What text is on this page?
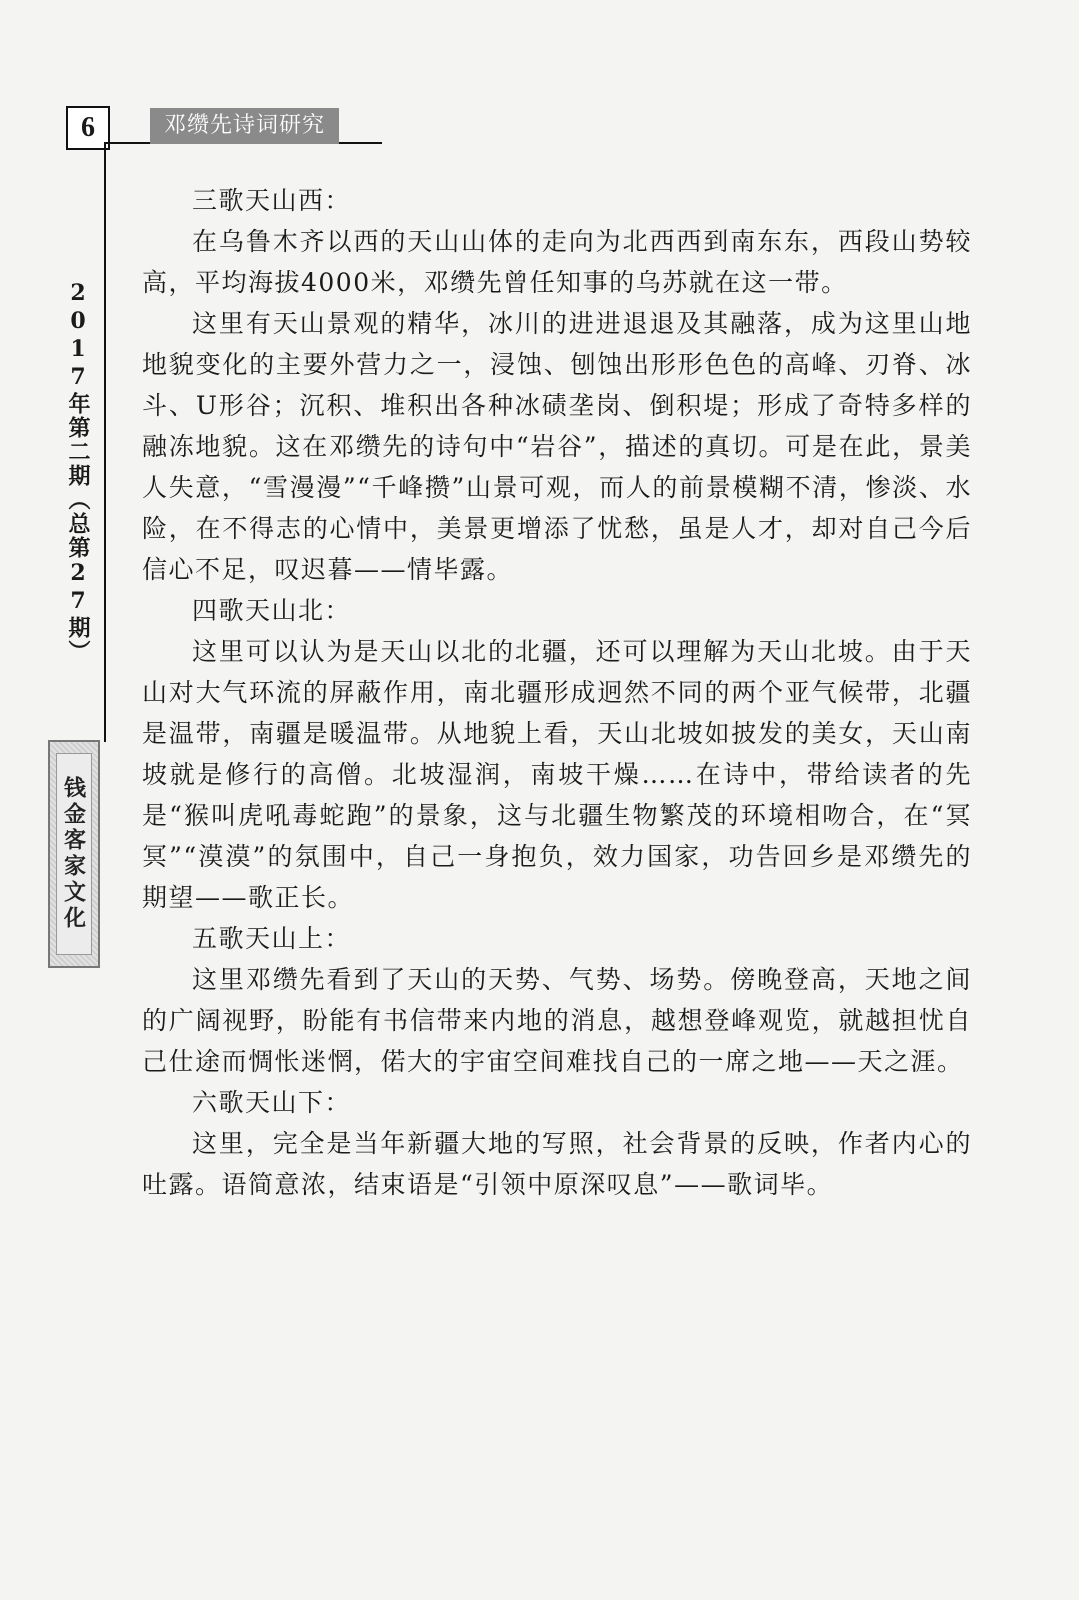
6	邓缵先诗词研究
2017年第二期（总第27期）
钱金客家文化

三歌天山西：

在乌鲁木齐以西的天山山体的走向为北西西到南东东，西段山势较高，平均海拔4000米，邓缵先曾任知事的乌苏就在这一带。

这里有天山景观的精华，冰川的进进退退及其融落，成为这里山地地貌变化的主要外营力之一，浸蚀、刨蚀出形形色色的高峰、刃脊、冰斗、U形谷；沉积、堆积出各种冰碛垄岗、倒积堤；形成了奇特多样的融冻地貌。这在邓缵先的诗句中“岩谷”，描述的真切。可是在此，景美人失意，“雪漫漫”“千峰攒”山景可观，而人的前景模糊不清，惨淡、水险，在不得志的心情中，美景更增添了忧愁，虽是人才，却对自己今后信心不足，叹迟暮——情毕露。

四歌天山北：

这里可以认为是天山以北的北疆，还可以理解为天山北坡。由于天山对大气环流的屏蔽作用，南北疆形成迥然不同的两个亚气候带，北疆是温带，南疆是暖温带。从地貌上看，天山北坡如披发的美女，天山南坡就是修行的高僧。北坡湿润，南坡干燥……在诗中，带给读者的先是“猴叫虎吼毒蛇跑”的景象，这与北疆生物繁茂的环境相吻合，在“冥冥”“漠漠”的氛围中，自己一身抱负，效力国家，功告回乡是邓缵先的期望——歌正长。

五歌天山上：

这里邓缵先看到了天山的天势、气势、场势。傍晚登高，天地之间的广阔视野，盼能有书信带来内地的消息，越想登峰观览，就越担忧自己仕途而惆怅迷惘，偌大的宇宙空间难找自己的一席之地——天之涯。

六歌天山下：

这里，完全是当年新疆大地的写照，社会背景的反映，作者内心的吐露。语简意浓，结束语是“引领中原深叹息”——歌词毕。
